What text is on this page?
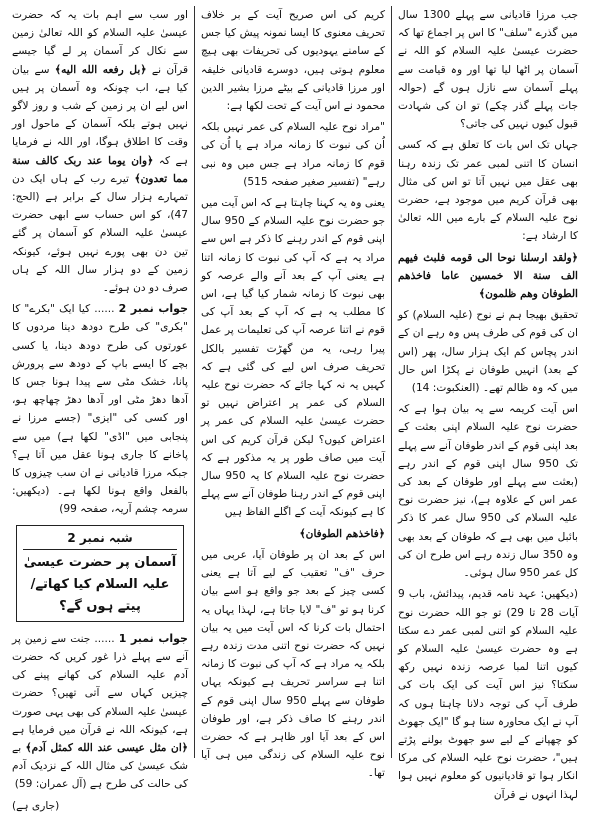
جب مرزا قادیانی سے پہلے 1300 سال میں گذرے "سلف" کا اس پر اجماع تھا کہ حضرت عیسیٰ علیہ السلام کو اللہ نے آسمان پر اٹھا لیا تھا اور وہ قیامت سے پہلے آسمان سے نازل ہوں گے (حوالہ جات پہلے گذر چکے) تو ان کی شہادت قبول کیوں نہیں کی جاتی؟

جہاں تک اس بات کا تعلق ہے کہ کسی انسان کا اتنی لمبی عمر تک زندہ رہنا بھی عقل میں نہیں آتا تو اس کی مثال بھی قرآن کریم میں موجود ہے، حضرت نوح علیہ السلام کے بارے میں اللہ تعالیٰ کا ارشاد ہے:

﴿ولقد ارسلنا نوحا الی قومه فلبث فیهم الف سنة الا خمسین عاما فاخذهم الطوفان وهم ظلمون﴾

تحقیق بھیجا ہم نے نوح (علیہ السلام) کو ان کی قوم کی طرف پس وہ رہے ان کے اندر پچاس کم ایک ہزار سال، پھر (اس کے بعد) انہیں طوفان نے پکڑا اس حال میں کہ وہ ظالم تھے۔ (العنکبوت: 14)

اس آیت کریمہ سے یہ بیان ہوا ہے کہ حضرت نوح علیہ السلام اپنی بعثت کے بعد اپنی قوم کے اندر طوفان آنے سے پہلے تک 950 سال اپنی قوم کے اندر رہے (بعثت سے پہلے اور طوفان کے بعد کی عمر اس کے علاوہ ہے)، نیز حضرت نوح علیہ السلام کی 950 سال عمر کا ذکر بائبل میں بھی ہے کہ طوفان کے بعد بھی وہ 350 سال زندہ رہے اس طرح ان کی کل عمر 950 سال ہوئی۔

(دیکھیں: عہد نامہ قدیم، پیدائش، باب 9 آیات 28 تا 29) تو جو اللہ حضرت نوح علیہ السلام کو اتنی لمبی عمر دے سکتا ہے وہ حضرت عیسیٰ علیہ السلام کو کیوں اتنا لمبا عرصہ زندہ نہیں رکھ سکتا؟ نیز اس آیت کی ایک بات کی طرف آپ کی توجہ دلانا چاہتا ہوں کہ آپ نے ایک محاورہ سنا ہو گا "ایک جھوٹ کو چھپانے کے لیے سو جھوٹ بولنے پڑتے ہیں"، حضرت نوح علیہ السلام کی مرکا انکار ہوا تو قادیانیوں کو معلوم نہیں ہوا لہذا انہوں نے قرآن

کریم کی اس صریح آیت کے بر خلاف تحریف معنوی کا ایسا نمونہ پیش کیا جس کے سامنے یہودیوں کی تحریفات بھی ہیچ معلوم ہوتی ہیں، دوسرے قادیانی خلیفہ اور مرزا قادیانی کے بیٹے مرزا بشیر الدین محمود نے اس آیت کے تحت لکھا ہے:

"مراد نوح علیہ السلام کی عمر نہیں بلکہ اُن کی نبوت کا زمانہ مراد ہے یا اُن کی قوم کا زمانہ مراد ہے جس میں وہ نبی رہے" (تفسیر صغیر صفحہ 515)

یعنی وہ یہ کہنا چاہتا ہے کہ اس آیت میں جو حضرت نوح علیہ السلام کے 950 سال اپنی قوم کے اندر رہنے کا ذکر ہے اس سے مراد یہ ہے کہ آپ کی نبوت کا زمانہ اتنا ہے یعنی آپ کے بعد آنے والے عرصہ کو بھی نبوت کا زمانہ شمار کیا گیا ہے، اس کا مطلب یہ ہے کہ آپ کے بعد آپ کی قوم نے اتنا عرصہ آپ کی تعلیمات پر عمل پیرا رہی، یہ من گھڑت تفسیر بالکل تحریف صرف اس لیے کی گئی ہے کہ کہیں یہ نہ کہا جائے کہ حضرت نوح علیہ السلام کی عمر پر اعتراض نہیں تو حضرت عیسیٰ علیہ السلام کی عمر پر اعتراض کیوں؟ لیکن قرآن کریم کی اس آیت میں صاف طور پر یہ مذکور ہے کہ حضرت نوح علیہ السلام کا یہ 950 سال اپنی قوم کے اندر رہنا طوفان آنے سے پہلے کا ہے کیونکہ آیت کے اگلے الفاظ ہیں

﴿فاخذهم الطوفان﴾

اس کے بعد ان پر طوفان آیا، عربی میں حرف "ف" تعقیب کے لیے آتا ہے یعنی کسی چیز کے بعد جو واقع ہو اسے بیان کرنا ہو تو "ف" لایا جاتا ہے، لہذا یہاں یہ احتمال بات کرنا کہ اس آیت میں یہ بیان نہیں کہ حضرت نوح اتنی مدت زندہ رہے بلکہ یہ مراد ہے کہ آپ کی نبوت کا زمانہ اتنا ہے سراسر تحریف ہے کیونکہ یہاں طوفان سے پہلے 950 سال اپنی قوم کے اندر رہنے کا صاف ذکر ہے، اور طوفان اس کے بعد آیا اور ظاہر ہے کہ حضرت نوح علیہ السلام کی زندگی میں ہی آیا تھا۔

اور سب سے اہم بات یہ کہ حضرت عیسیٰ علیہ السلام کو اللہ تعالیٰ زمین سے نکال کر آسمان پر لے گیا جیسے قرآن نے ﴿بل رفعه الله الیه﴾ سے بیان کیا ہے، اب چونکہ وہ آسمان پر ہیں اس لیے ان پر زمین کے شب و روز لاگو نہیں ہوتے بلکہ آسمان کے ماحول اور وقت کا اطلاق ہوگا، اور اللہ نے فرمایا ہے کہ ﴿وان یوما عند ربک کالف سنة مما تعدون﴾ تیرے رب کے ہاں ایک دن تمہارے ہزار سال کے برابر ہے (الحج: 47)، کو اس حساب سے ابھی حضرت عیسیٰ علیہ السلام کو آسمان پر گئے تین دن بھی پورے نہیں ہوئے، کیونکہ زمین کے دو ہزار سال اللہ کے ہاں صرف دو دن ہوئے۔

جواب نمبر 2 ...... کیا ایک "بکرے" کا "بکری" کی طرح دودھ دینا مردوں کا عورتوں کی طرح دودھ دینا، یا کسی بچے کا ایسے باپ کے دودھ سے پرورش پانا، خشک مٹی سے پیدا ہونا جس کا آدھا دھڑ مٹی اور آدھا دھڑ چھاچھ ہو، اور کسی کی "ایزی" (جسے مرزا نے پنجابی میں "اڈی" لکھا ہے) میں سے پاخانے کا جاری ہونا عقل میں آتا ہے؟ جبکہ مرزا قادیانی نے ان سب چیزوں کا بالفعل واقع ہونا لکھا ہے۔ (دیکھیں: سرمہ چشم آریہ، صفحہ 99)

شبہ نمبر 2
آسمان پر حضرت عیسیٰ علیہ السلام کیا کھاتے/ پیتے ہوں گے؟

جواب نمبر 1 ...... جنت سے زمین پر آنے سے پہلے ذرا غور کریں کہ حضرت آدم علیہ السلام کی کھانے پینے کی چیزیں کہاں سے آتی تھیں؟ حضرت عیسیٰ علیہ السلام کی بھی یہی صورت ہے، کیونکہ اللہ نے قرآن میں فرمایا ہے ﴿ان مثل عیسی عند الله کمثل آدم﴾ بے شک عیسیٰ کی مثال اللہ کے نزدیک آدم کی حالت کی طرح ہے (آل عمران: 59)

(جاری ہے)
